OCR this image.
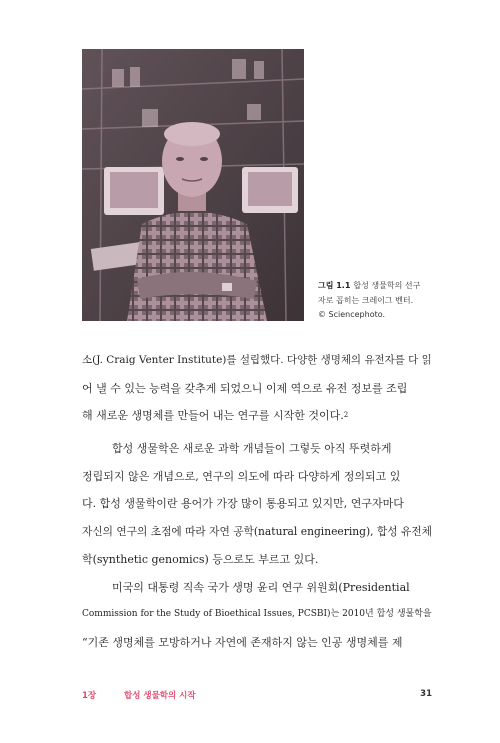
그림 1.1 합성 생물학의 선구
자로 꼽히는 크레이그 벤터.
© Sciencephoto.
소(J. Craig Venter Institute)를 설립했다. 다양한 생명체의 유전자를 다 읽
어 낼 수 있는 능력을 갖추게 되었으니 이제 역으로 유전 정보를 조립
해 새로운 생명체를 만들어 내는 연구를 시작한 것이다. 2
합성 생물학은 새로운 과학 개념들이 그렇듯 아직 뚜렷하게
정립되지 않은 개념으로, 연구의 의도에 따라 다양하게 정의되고 있
다. 합성 생물학이란 용어가 가장 많이 통용되고 있지만, 연구자마다
자신의 연구의 초점에 따라 자연 공학(natural engineering), 합성 유전체
학(synthetic genomics) 등으로도 부르고 있다.
미국의 대통령 직속 국가 생명 윤리 연구 위원회(Presidential
Commission for the Study of Bioethical Issues, PCSBI)는 2010년 합성 생물학을
“기존 생명체를 모방하거나 자연에 존재하지 않는 인공 생명체를 제
1장	합성 생물학의 시작	31
